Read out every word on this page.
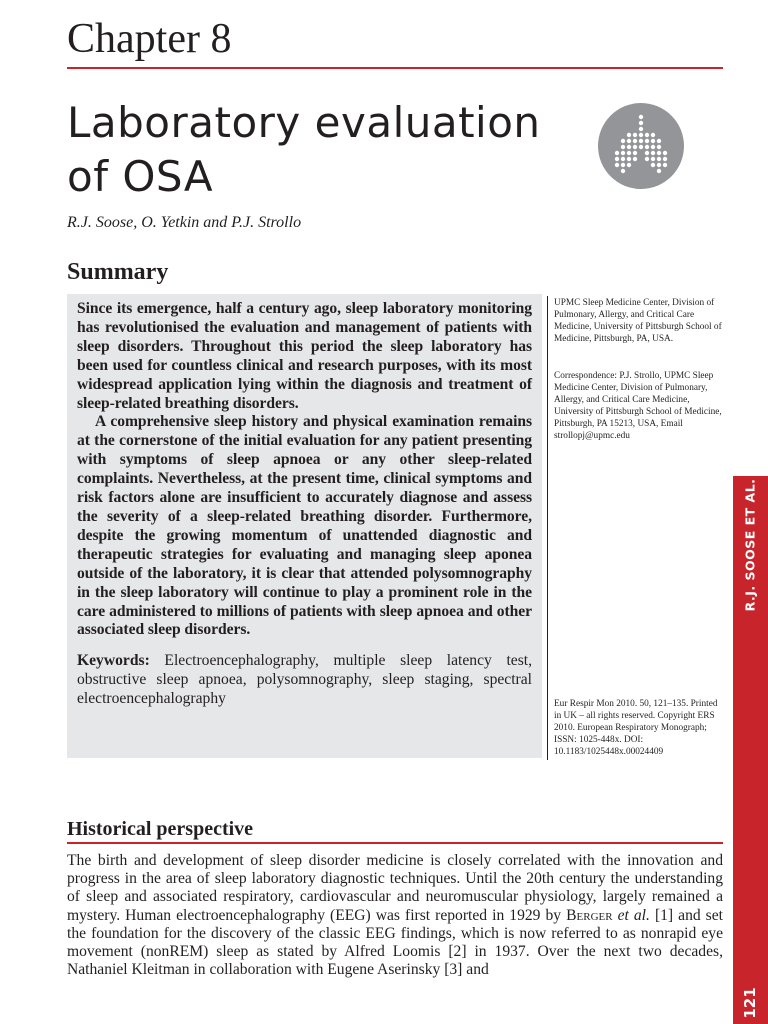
Chapter 8
Laboratory evaluation
of OSA
R.J. Soose, O. Yetkin and P.J. Strollo
Summary

Since its emergence, half a century ago, sleep laboratory monitoring has revolutionised the evaluation and management of patients with sleep disorders. Throughout this period the sleep laboratory has been used for countless clinical and research purposes, with its most widespread application lying within the diagnosis and treatment of sleep-related breathing disorders.

A comprehensive sleep history and physical examination remains at the cornerstone of the initial evaluation for any patient presenting with symptoms of sleep apnoea or any other sleep-related complaints. Nevertheless, at the present time, clinical symptoms and risk factors alone are insufficient to accurately diagnose and assess the severity of a sleep-related breathing disorder. Furthermore, despite the growing momentum of unattended diagnostic and therapeutic strategies for evaluating and managing sleep aponea outside of the laboratory, it is clear that attended polysomnography in the sleep laboratory will continue to play a prominent role in the care administered to millions of patients with sleep apnoea and other associated sleep disorders.

Keywords: Electroencephalography, multiple sleep latency test, obstructive sleep apnoea, polysomnography, sleep staging, spectral electroencephalography

UPMC Sleep Medicine Center, Division of Pulmonary, Allergy, and Critical Care Medicine, University of Pittsburgh School of Medicine, Pittsburgh, PA, USA.
Correspondence: P.J. Strollo, UPMC Sleep Medicine Center, Division of Pulmonary, Allergy, and Critical Care Medicine, University of Pittsburgh School of Medicine, Pittsburgh, PA 15213, USA, Email strollopj@upmc.edu
Eur Respir Mon 2010. 50, 121–135. Printed in UK – all rights reserved. Copyright ERS 2010. European Respiratory Monograph; ISSN: 1025-448x. DOI: 10.1183/1025448x.00024409
Historical perspective

The birth and development of sleep disorder medicine is closely correlated with the innovation and progress in the area of sleep laboratory diagnostic techniques. Until the 20th century the understanding of sleep and associated respiratory, cardiovascular and neuromuscular physiology, largely remained a mystery. Human electroencephalography (EEG) was first reported in 1929 by Berger et al. [1] and set the foundation for the discovery of the classic EEG findings, which is now referred to as nonrapid eye movement (nonREM) sleep as stated by Alfred Loomis [2] in 1937. Over the next two decades, Nathaniel Kleitman in collaboration with Eugene Aserinsky [3] and

R.J. SOOSE ET AL.
121
